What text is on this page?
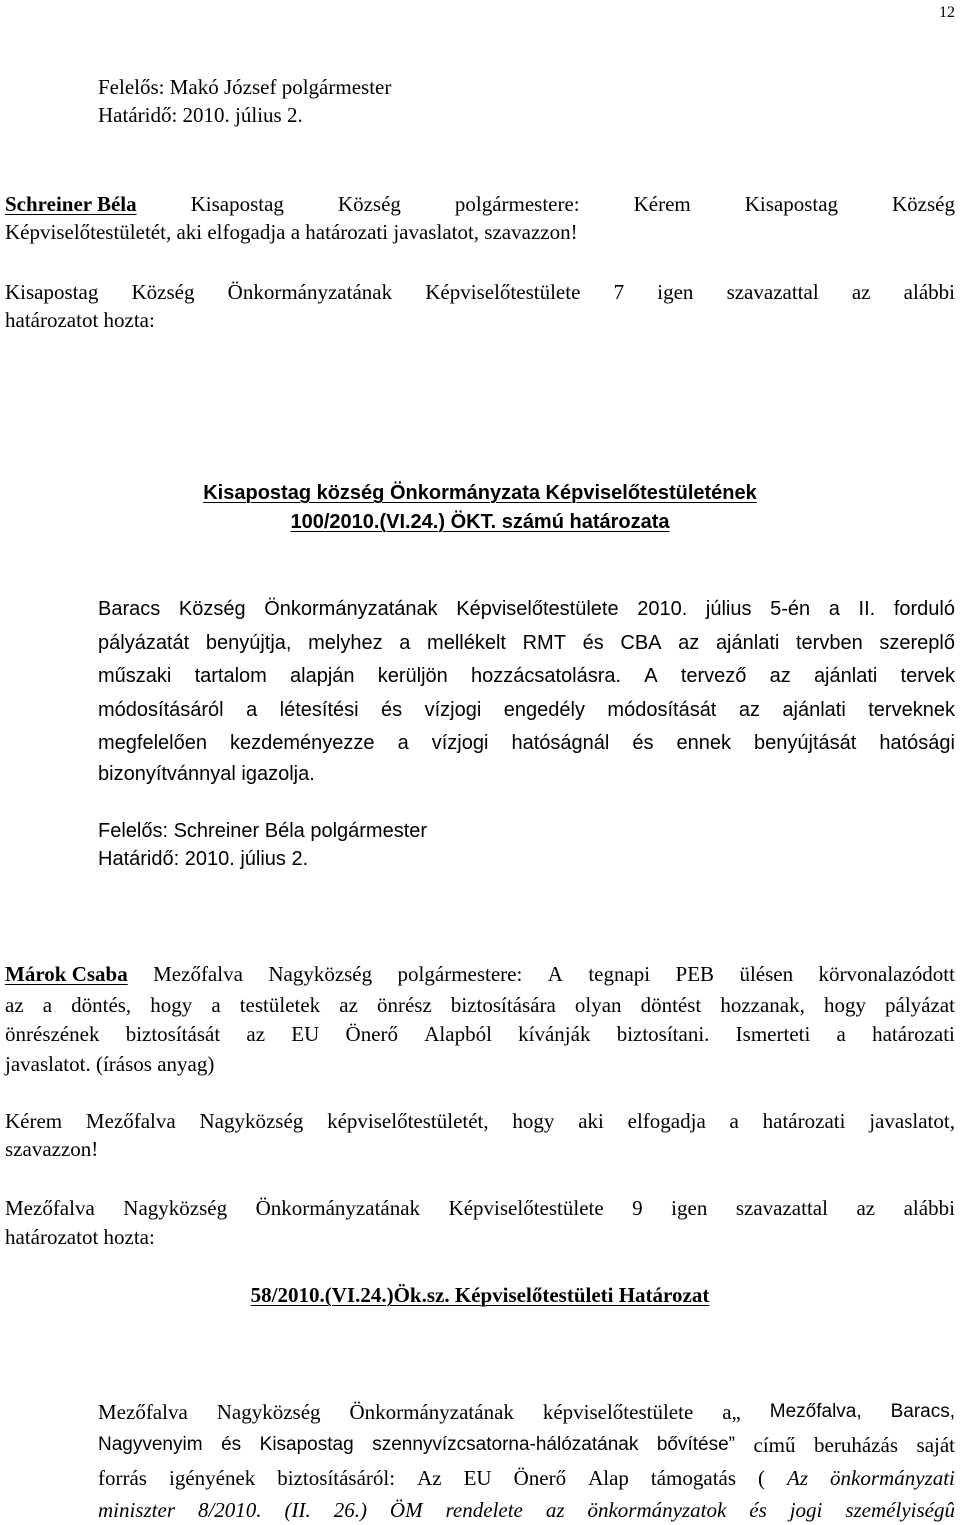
12
Felelős: Makó József polgármester
Határidő: 2010. július 2.
Schreiner Béla	Kisapostag	Község	polgármestere:	Kérem	Kisapostag	Község
Képviselőtestületét, aki elfogadja a határozati javaslatot, szavazzon!
Kisapostag Község Önkormányzatának Képviselőtestülete 7 igen szavazattal az alábbi
határozatot hozta:
Kisapostag község Önkormányzata Képviselőtestületének
100/2010.(VI.24.) ÖKT. számú határozata
Baracs Község Önkormányzatának Képviselőtestülete 2010. július 5-én a II. forduló
pályázatát benyújtja, melyhez a mellékelt RMT és CBA az ajánlati tervben szereplő
műszaki tartalom alapján kerüljön hozzácsatolásra. A tervező az ajánlati tervek
módosításáról a létesítési és vízjogi engedély módosítását az ajánlati terveknek
megfelelően kezdeményezze a vízjogi hatóságnál és ennek benyújtását hatósági
bizonyítvánnyal igazolja.
Felelős: Schreiner Béla polgármester
Határidő: 2010. július 2.
Márok Csaba Mezőfalva Nagyközség polgármestere: A tegnapi PEB ülésen körvonalazódott
az a döntés, hogy a testületek az önrész biztosítására olyan döntést hozzanak, hogy pályázat
önrészének biztosítását az EU Önerő Alapból kívánják biztosítani. Ismerteti a határozati
javaslatot. (írásos anyag)
Kérem Mezőfalva Nagyközség képviselőtestületét, hogy aki elfogadja a határozati javaslatot,
szavazzon!
Mezőfalva Nagyközség Önkormányzatának Képviselőtestülete 9 igen szavazattal az alábbi
határozatot hozta:
58/2010.(VI.24.)Ök.sz. Képviselőtestületi Határozat
Mezőfalva Nagyközség Önkormányzatának képviselőtestülete a„ Mezőfalva, Baracs,
Nagyvenyim és Kisapostag szennyvízcsatorna-hálózatának bővítése” című beruházás saját
forrás igényének biztosításáról: Az EU Önerő Alap támogatás ( Az önkormányzati
miniszter 8/2010. (II. 26.) ÖM rendelete az önkormányzatok és jogi személyiségû
